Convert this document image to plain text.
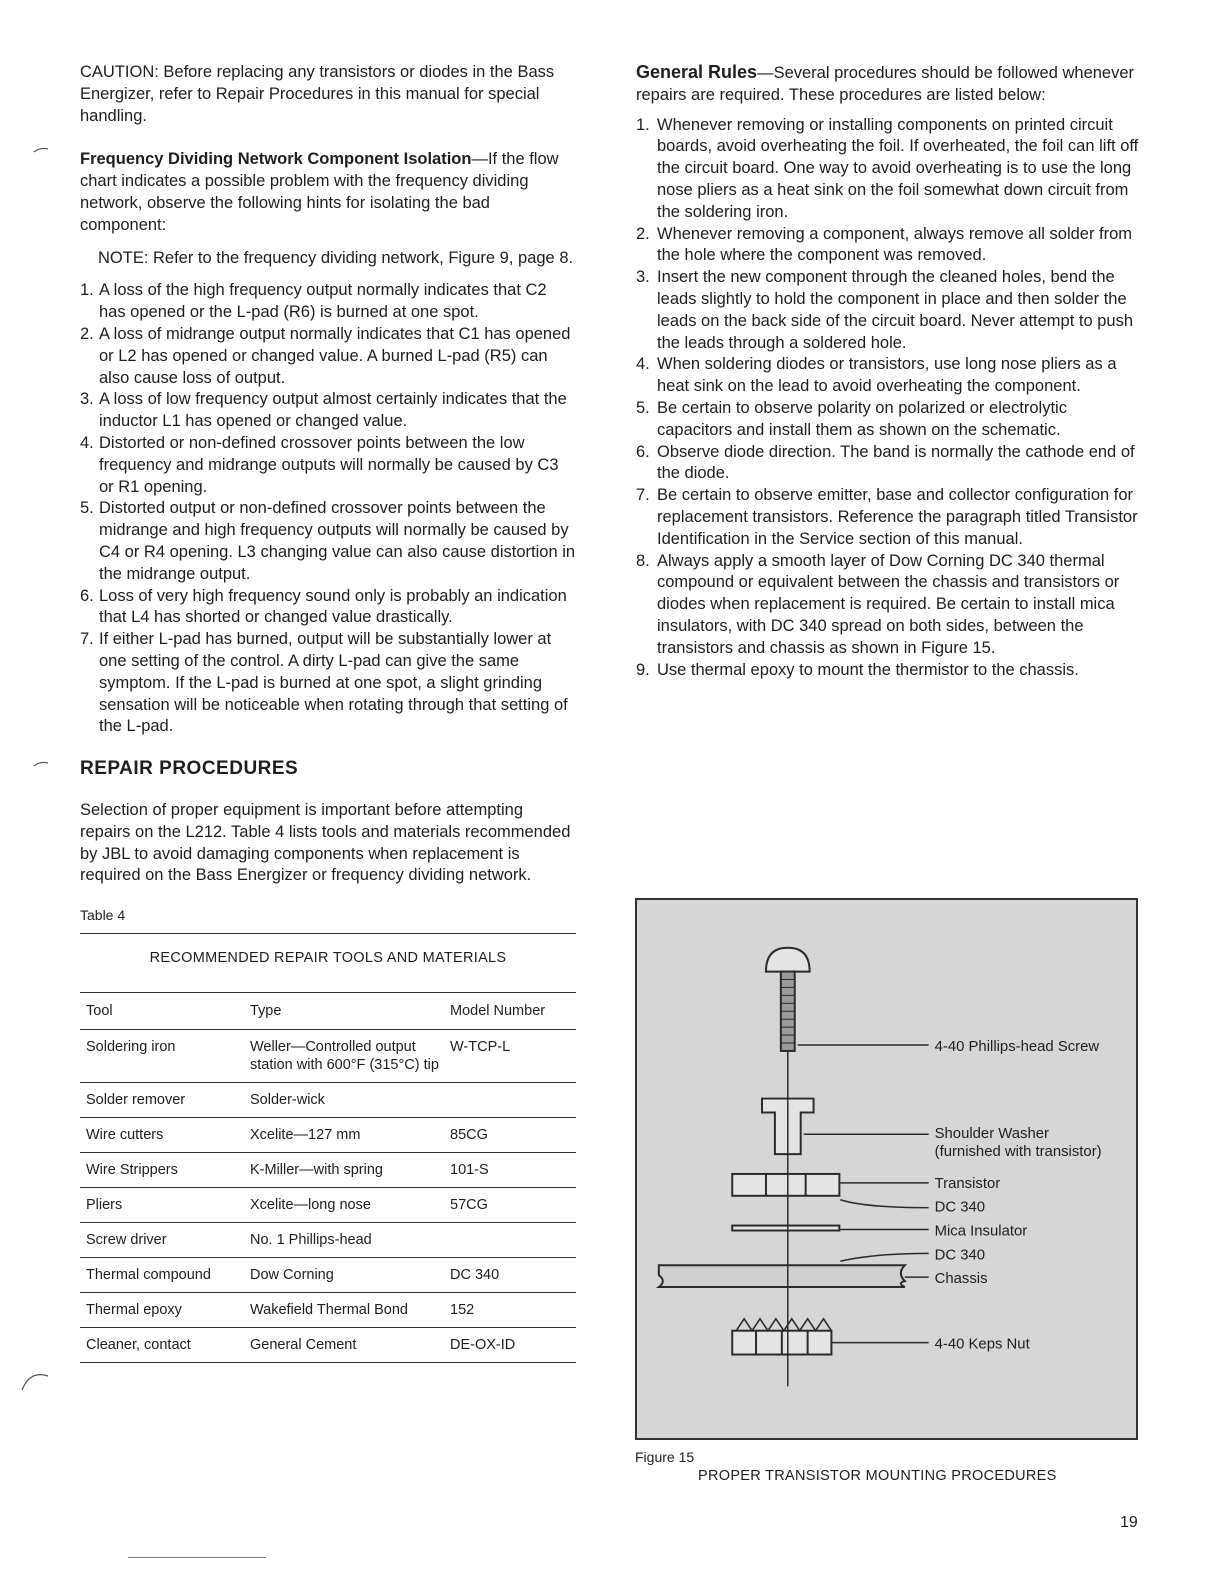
CAUTION: Before replacing any transistors or diodes in the Bass Energizer, refer to Repair Procedures in this manual for special handling.

Frequency Dividing Network Component Isolation—If the flow chart indicates a possible problem with the frequency dividing network, observe the following hints for isolating the bad component:

NOTE: Refer to the frequency dividing network, Figure 9, page 8.

1. A loss of the high frequency output normally indicates that C2 has opened or the L-pad (R6) is burned at one spot.
2. A loss of midrange output normally indicates that C1 has opened or L2 has opened or changed value. A burned L-pad (R5) can also cause loss of output.
3. A loss of low frequency output almost certainly indicates that the inductor L1 has opened or changed value.
4. Distorted or non-defined crossover points between the low frequency and midrange outputs will normally be caused by C3 or R1 opening.
5. Distorted output or non-defined crossover points between the midrange and high frequency outputs will normally be caused by C4 or R4 opening. L3 changing value can also cause distortion in the midrange output.
6. Loss of very high frequency sound only is probably an indication that L4 has shorted or changed value drastically.
7. If either L-pad has burned, output will be substantially lower at one setting of the control. A dirty L-pad can give the same symptom. If the L-pad is burned at one spot, a slight grinding sensation will be noticeable when rotating through that setting of the L-pad.

REPAIR PROCEDURES

Selection of proper equipment is important before attempting repairs on the L212. Table 4 lists tools and materials recommended by JBL to avoid damaging components when replacement is required on the Bass Energizer or frequency dividing network.

Table 4
RECOMMENDED REPAIR TOOLS AND MATERIALS
Tool	Type	Model Number
Soldering iron	Weller—Controlled output station with 600°F (315°C) tip	W-TCP-L
Solder remover	Solder-wick	
Wire cutters	Xcelite—127 mm	85CG
Wire Strippers	K-Miller—with spring	101-S
Pliers	Xcelite—long nose	57CG
Screw driver	No. 1 Phillips-head	
Thermal compound	Dow Corning	DC 340
Thermal epoxy	Wakefield Thermal Bond	152
Cleaner, contact	General Cement	DE-OX-ID

General Rules—Several procedures should be followed whenever repairs are required. These procedures are listed below:

1. Whenever removing or installing components on printed circuit boards, avoid overheating the foil. If overheated, the foil can lift off the circuit board. One way to avoid overheating is to use the long nose pliers as a heat sink on the foil somewhat down circuit from the soldering iron.
2. Whenever removing a component, always remove all solder from the hole where the component was removed.
3. Insert the new component through the cleaned holes, bend the leads slightly to hold the component in place and then solder the leads on the back side of the circuit board. Never attempt to push the leads through a soldered hole.
4. When soldering diodes or transistors, use long nose pliers as a heat sink on the lead to avoid overheating the component.
5. Be certain to observe polarity on polarized or electrolytic capacitors and install them as shown on the schematic.
6. Observe diode direction. The band is normally the cathode end of the diode.
7. Be certain to observe emitter, base and collector configuration for replacement transistors. Reference the paragraph titled Transistor Identification in the Service section of this manual.
8. Always apply a smooth layer of Dow Corning DC 340 thermal compound or equivalent between the chassis and transistors or diodes when replacement is required. Be certain to install mica insulators, with DC 340 spread on both sides, between the transistors and chassis as shown in Figure 15.
9. Use thermal epoxy to mount the thermistor to the chassis.
4-40 Phillips-head Screw
Shoulder Washer
(furnished with transistor)
Transistor
DC 340
Mica Insulator
DC 340
Chassis
4-40 Keps Nut
Figure 15
PROPER TRANSISTOR MOUNTING PROCEDURES
19
